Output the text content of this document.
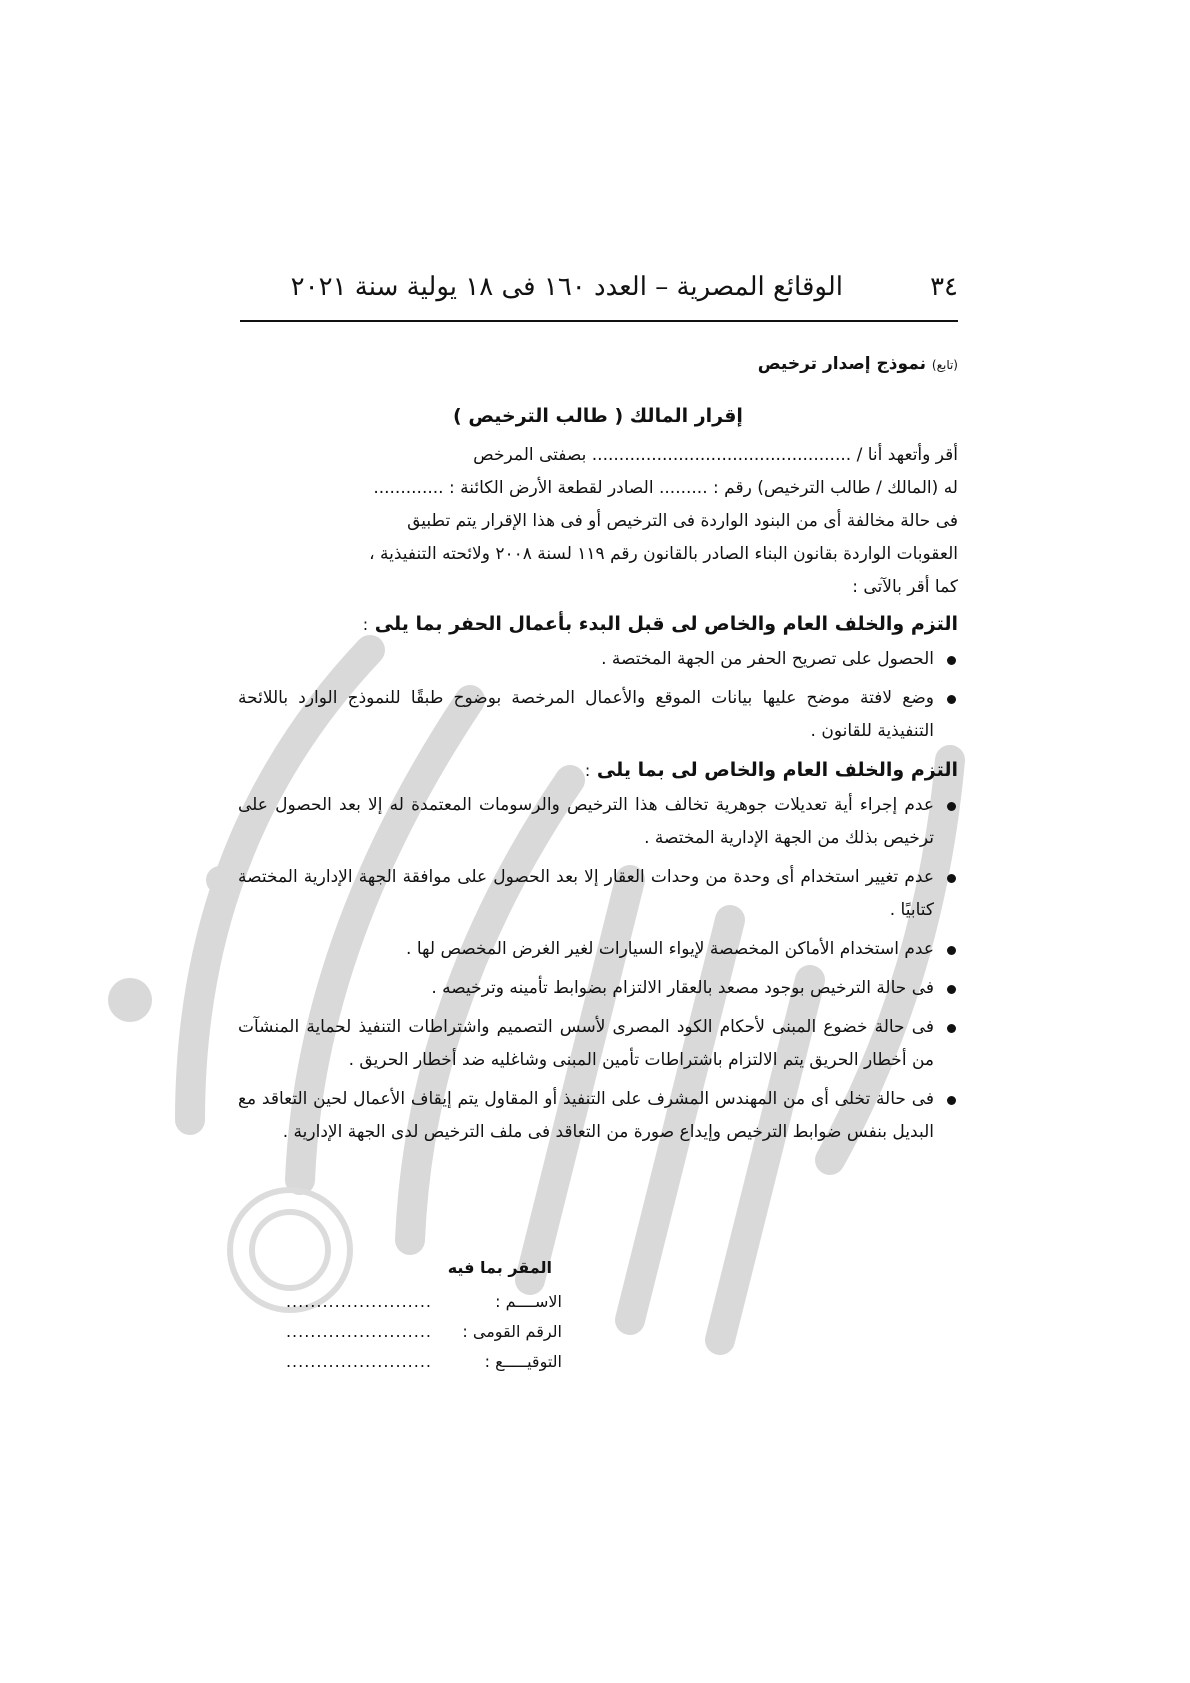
٣٤
الوقائع المصرية – العدد ١٦٠ فى ١٨ يولية سنة ٢٠٢١

(تابع) نموذج إصدار ترخيص

إقرار المالك ( طالب الترخيص )

أقر وأتعهد أنا / ................................................ بصفتى المرخص

له (المالك / طالب الترخيص) رقم : ......... الصادر لقطعة الأرض الكائنة : .............

فى حالة مخالفة أى من البنود الواردة فى الترخيص أو فى هذا الإقرار يتم تطبيق

العقوبات الواردة بقانون البناء الصادر بالقانون رقم ١١٩ لسنة ٢٠٠٨ ولائحته التنفيذية ،

كما أقر بالآتى :

التزم والخلف العام والخاص لى قبل البدء بأعمال الحفر بما يلى :

الحصول على تصريح الحفر من الجهة المختصة .
وضع لافتة موضح عليها بيانات الموقع والأعمال المرخصة بوضوح طبقًا للنموذج الوارد باللائحة التنفيذية للقانون .

التزم والخلف العام والخاص لى بما يلى :

عدم إجراء أية تعديلات جوهرية تخالف هذا الترخيص والرسومات المعتمدة له إلا بعد الحصول على ترخيص بذلك من الجهة الإدارية المختصة .
عدم تغيير استخدام أى وحدة من وحدات العقار إلا بعد الحصول على موافقة الجهة الإدارية المختصة كتابيًا .
عدم استخدام الأماكن المخصصة لإيواء السيارات لغير الغرض المخصص لها .
فى حالة الترخيص بوجود مصعد بالعقار الالتزام بضوابط تأمينه وترخيصه .
فى حالة خضوع المبنى لأحكام الكود المصرى لأسس التصميم واشتراطات التنفيذ لحماية المنشآت من أخطار الحريق يتم الالتزام باشتراطات تأمين المبنى وشاغليه ضد أخطار الحريق .
فى حالة تخلى أى من المهندس المشرف على التنفيذ أو المقاول يتم إيقاف الأعمال لحين التعاقد مع البديل بنفس ضوابط الترخيص وإيداع صورة من التعاقد فى ملف الترخيص لدى الجهة الإدارية .
المقر بما فيه
الاســــم :
........................
الرقم القومى :
........................
التوقيـــــع :
........................
